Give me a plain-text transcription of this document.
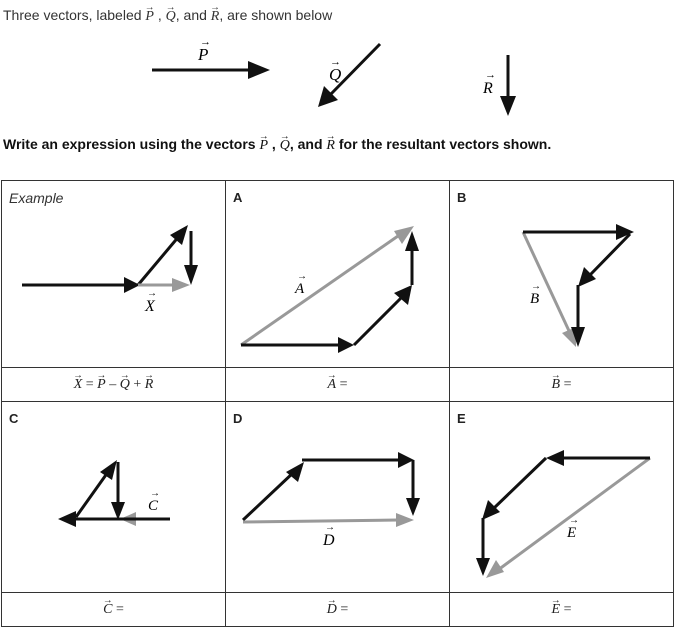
Three vectors, labeled → P , → Q, and → R, are shown below
P
→
Q
→
R
→
Write an expression using the vectors → P , → Q, and → R for the resultant vectors shown.
Example
X
→	A
A
→	B
B
→

→ X = → P – → Q + → R	→ A =	→ B =

C
C
→	D
D
→	E
E
→

→ C =	→ D =	→ E =
